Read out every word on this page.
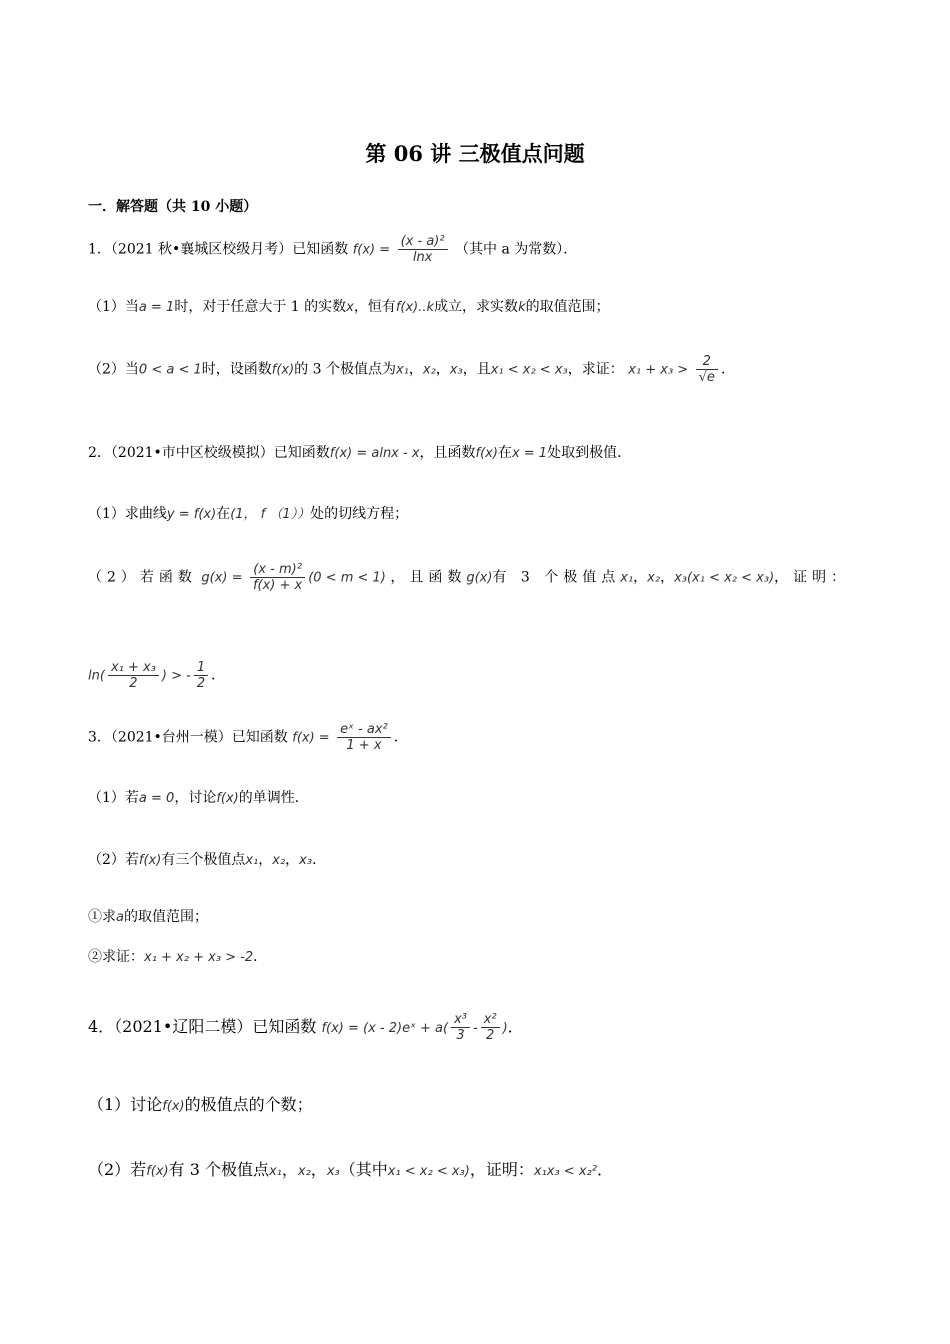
第 06 讲 三极值点问题
一．解答题（共 10 小题）
1．（2021 秋•襄城区校级月考）已知函数 $f(x) = \frac{\text{(x - a)²}}{\ln x}$ （其中 a 为常数）．
（1）当a = 1时，对于任意大于 1 的实数x，恒有f(x)..k成立，求实数k的取值范围；
（2）当0 < a < 1时，设函数f(x)的 3 个极值点为x₁，x₂，x₃，且x₁ < x₂ < x₃，求证： $x_1 + x_3 > \frac{2}{√e}$ ．
2．（2021•市中区校级模拟）已知函数f(x) = alnx - x，且函数f(x)在x = 1处取到极值．
（1）求曲线y = f(x)在(1， f （1））处的切线方程；
（2）若函数 $g(x) = \frac{\text{(x - m)²}}{f(x) + x} (0 < m < 1)$ ，且函数g(x)有 3 个极值点x₁，x₂，x₃(x₁ < x₂ < x₃)，证明：
$\ln( \frac{\text{x₁ + x₃}}{2}$ ) > - $\frac{1}{2}$ ．
3．（2021•台州一模）已知函数 $f(x) = \frac{\text{eˣ - ax²}}{1 + x}$ ．
（1）若a = 0，讨论f(x)的单调性．
（2）若f(x)有三个极值点x₁，x₂，x₃．
①求a的取值范围；
②求证：x₁ + x₂ + x₃ > -2．
4．（2021•辽阳二模）已知函数 f(x) = (x - 2)eˣ + $a( \frac{\text{x³}}{3} - \frac{\text{x²}}{2}$ )．
（1）讨论f(x)的极值点的个数；
（2）若f(x)有 3 个极值点x₁，x₂，x₃（其中x₁ < x₂ < x₃)，证明：x₁x₃ < x₂²．
